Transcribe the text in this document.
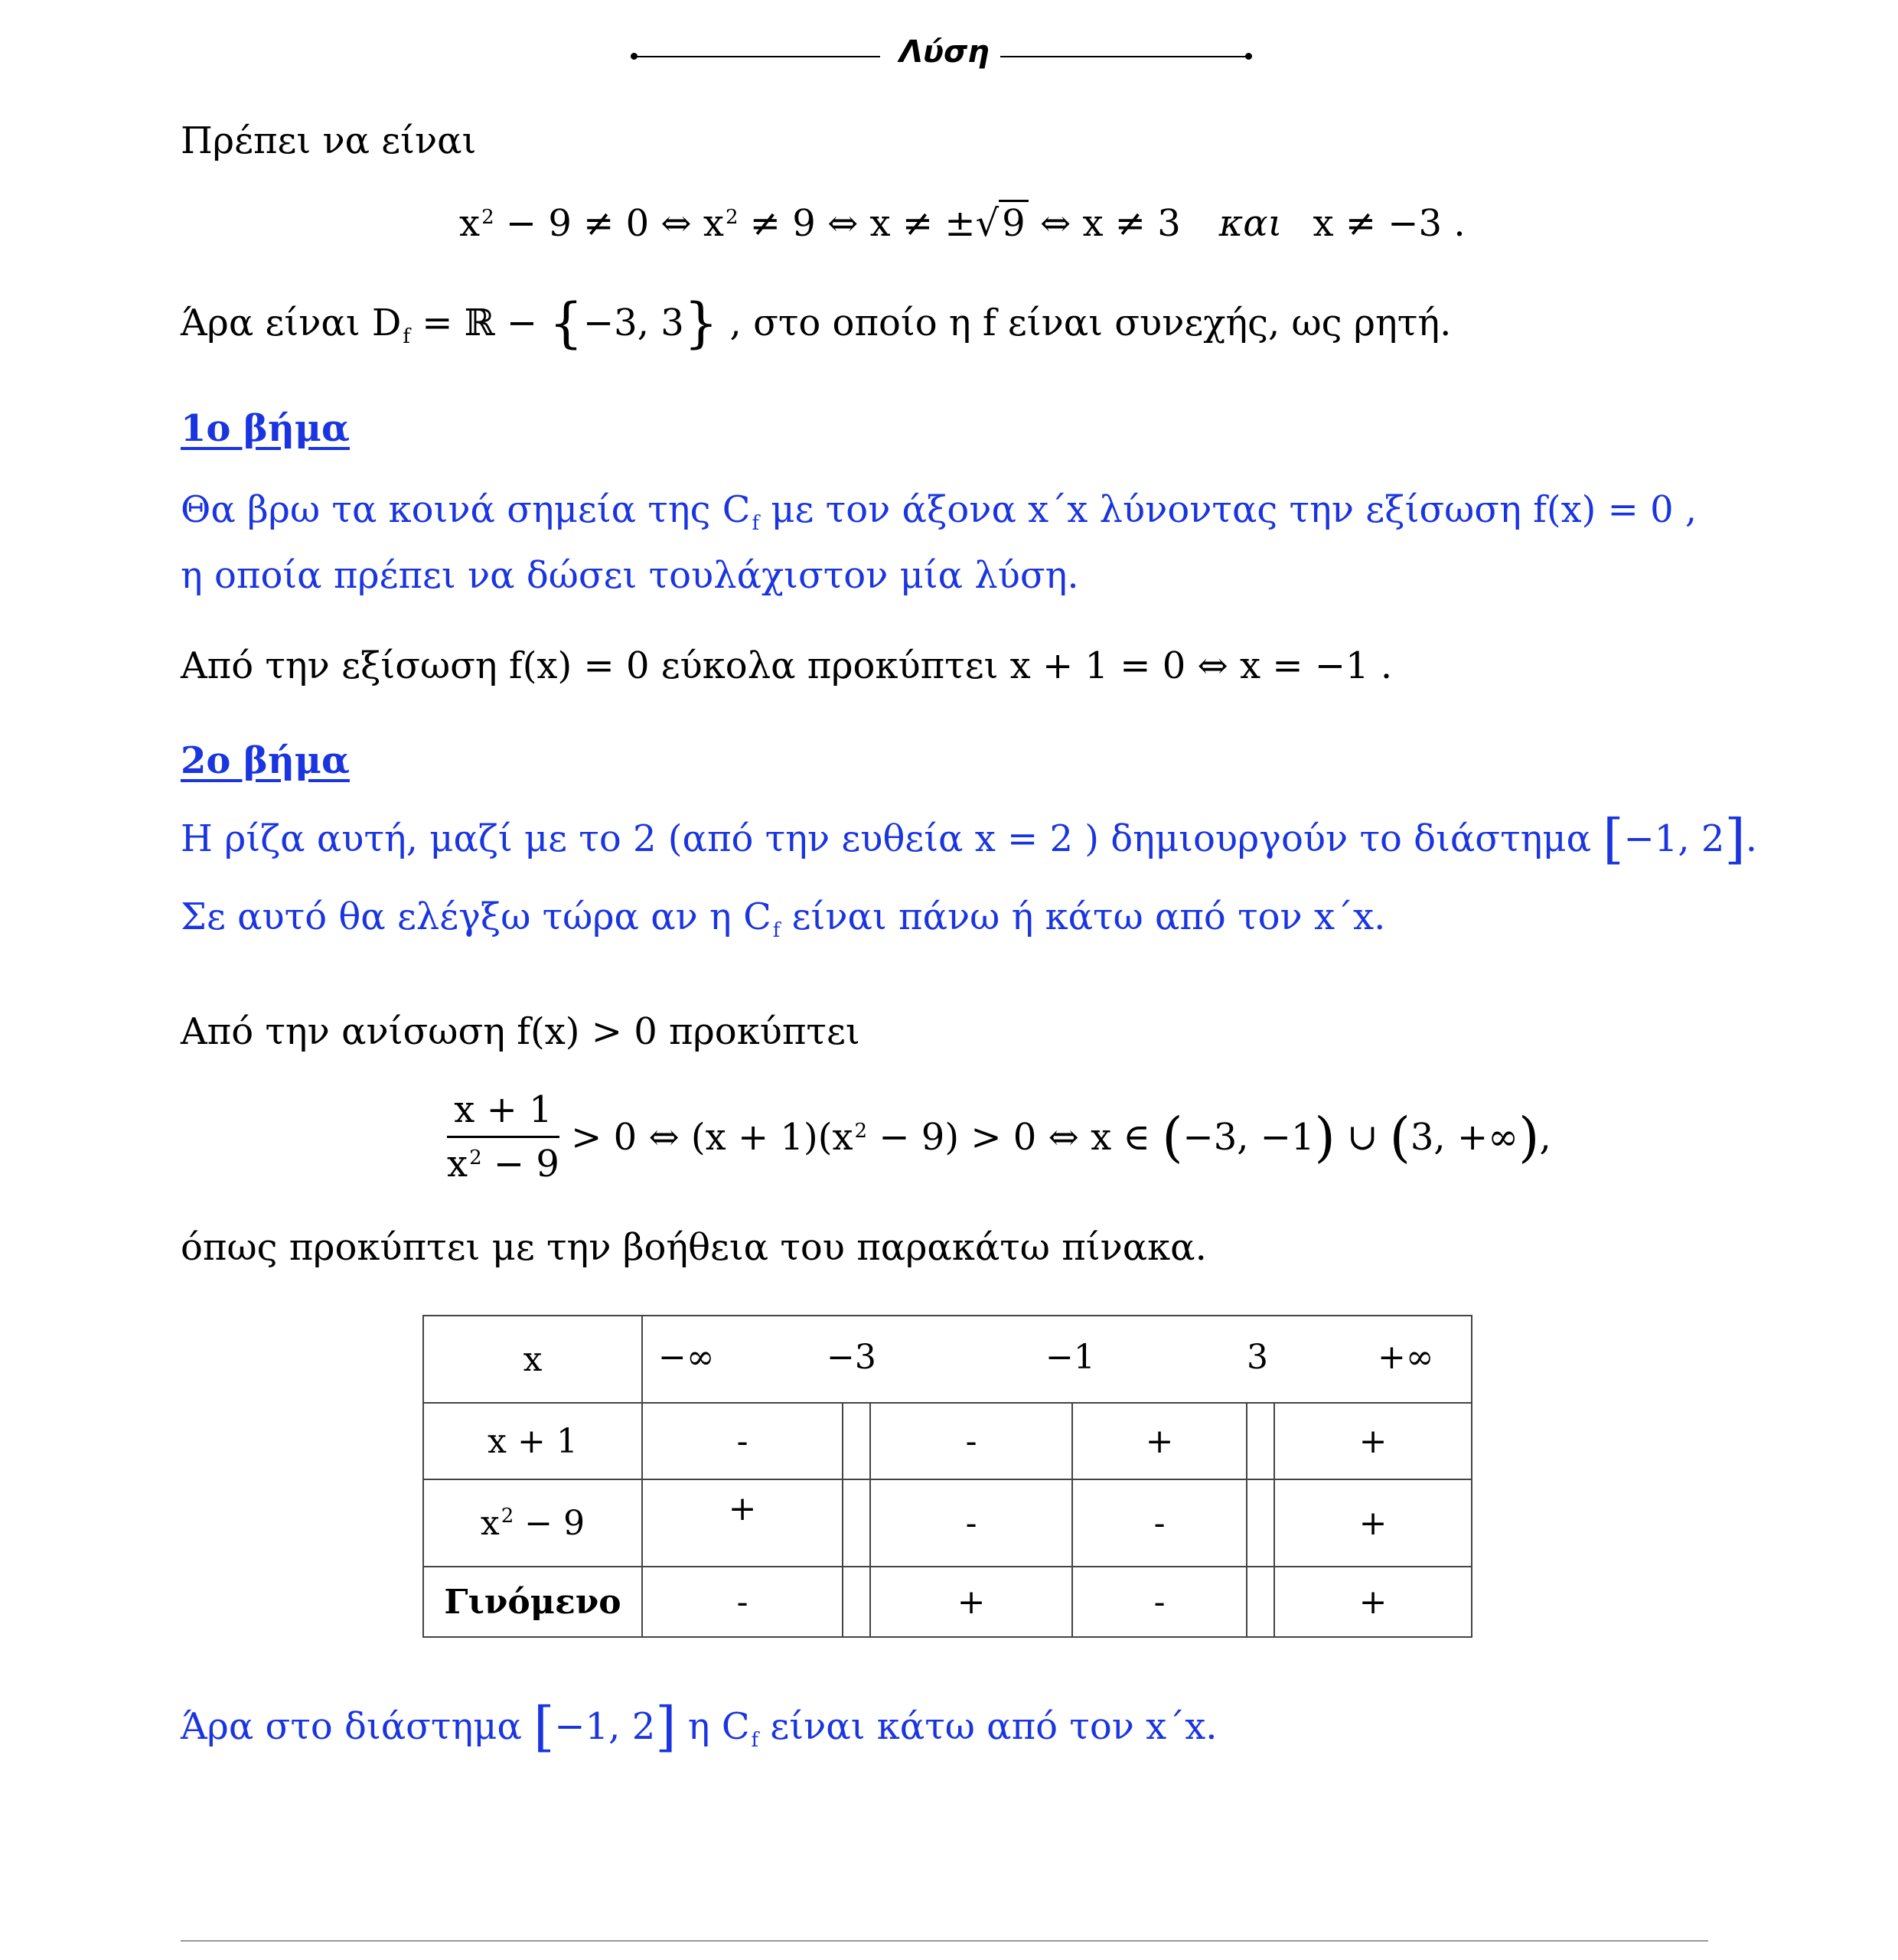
Λύση
Πρέπει να είναι
$x^2 - 9 \ne 0$ ⇔ $x^2 \ne 9$ ⇔ x ≠ ±√9 ⇔ x ≠ 3 και x ≠ −3 .
Άρα είναι $D_f$ = ℝ − {−3, 3} , στο οποίο η f είναι συνεχής, ως ρητή.
1ο βήμα
Θα βρω τα κοινά σημεία της $C_f$ με τον άξονα x΄x λύνοντας την εξίσωση f(x) = 0 ,
η οποία πρέπει να δώσει τουλάχιστον μία λύση.
Από την εξίσωση f(x) = 0 εύκολα προκύπτει x + 1 = 0 ⇔ x = −1 .
2ο βήμα
Η ρίζα αυτή, μαζί με το 2 (από την ευθεία x = 2 ) δημιουργούν το διάστημα [−1, 2].
Σε αυτό θα ελέγξω τώρα αν η $C_f$ είναι πάνω ή κάτω από τον x΄x.
Από την ανίσωση f(x) > 0 προκύπτει
$\frac{x + 1}{x^2 - 9} > 0$ ⇔ $(x + 1)(x^2 - 9) > 0$ ⇔ x ∈ (−3, −1) ∪ (3, +∞),
όπως προκύπτει με την βοήθεια του παρακάτω πίνακα.
x	−∞ −3 −1 3 +∞					

x + 1	-		-	+		+
$x^2 - 9$	+		-	-		+
Γινόμενο	-		+	-		+
Άρα στο διάστημα [−1, 2] η $C_f$ είναι κάτω από τον x΄x.
